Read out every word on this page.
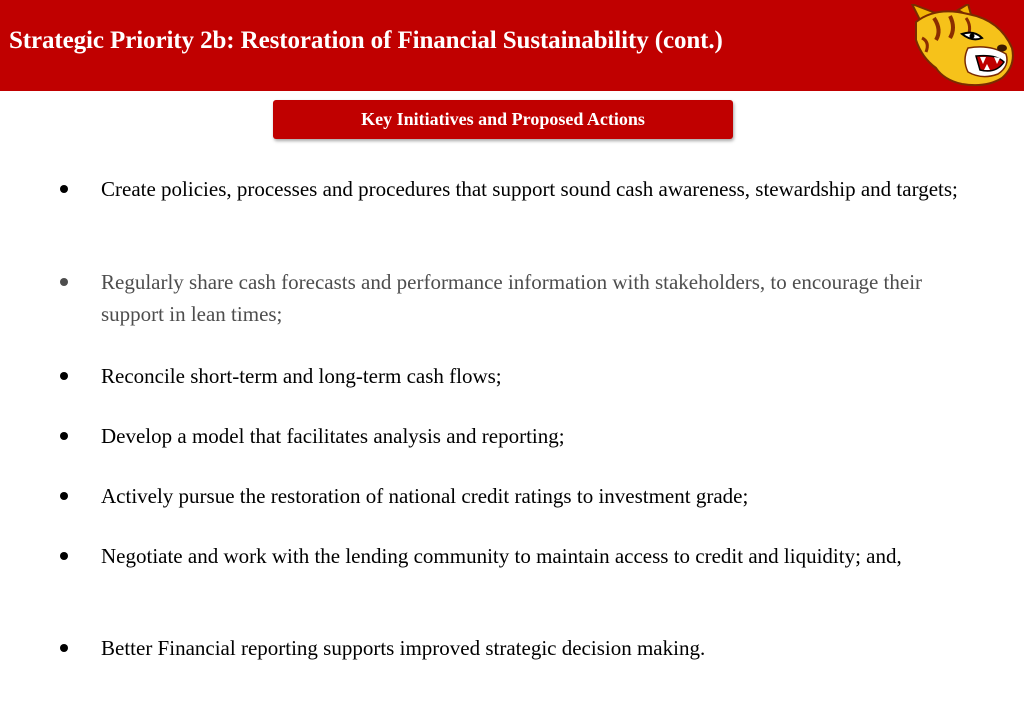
Strategic Priority 2b: Restoration of Financial Sustainability (cont.)
Key Initiatives and Proposed Actions
Create policies, processes and procedures that support sound cash awareness, stewardship and targets;
Regularly share cash forecasts and performance information with stakeholders, to encourage their support in lean times;
Reconcile short-term and long-term cash flows;
Develop a model that facilitates analysis and reporting;
Actively pursue the restoration of national credit ratings to investment grade;
Negotiate and work with the lending community to maintain access to credit and liquidity; and,
Better Financial reporting supports improved strategic decision making.
